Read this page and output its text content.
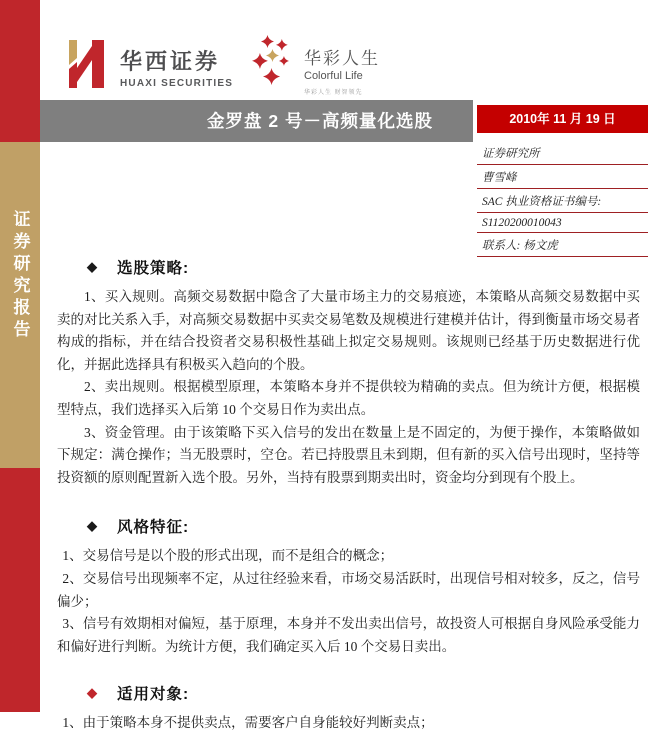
证券研究报告
华西证券
HUAXI SECURITIES
华彩人生
Colorful Life
华彩人生 财智领先
金罗盘 2 号－高频量化选股	2010年 11 月 19 日
证券研究所
曹雪峰
SAC 执业资格证书编号:
S1120200010043
联系人: 杨文虎
◆ 选股策略:

1、买入规则。高频交易数据中隐含了大量市场主力的交易痕迹，本策略从高频交易数据中买卖的对比关系入手，对高频交易数据中买卖交易笔数及规模进行建模并估计，得到衡量市场交易者构成的指标，并在结合投资者交易积极性基础上拟定交易规则。该规则已经基于历史数据进行优化，并据此选择具有积极买入趋向的个股。

2、卖出规则。根据模型原理，本策略本身并不提供较为精确的卖点。但为统计方便，根据模型特点，我们选择买入后第 10 个交易日作为卖出点。

3、资金管理。由于该策略下买入信号的发出在数量上是不固定的，为便于操作，本策略做如下规定：满仓操作；当无股票时，空仓。若已持股票且未到期，但有新的买入信号出现时，坚持等投资额的原则配置新入选个股。另外，当持有股票到期卖出时，资金均分到现有个股上。

◆ 风格特征:

1、交易信号是以个股的形式出现，而不是组合的概念；

2、交易信号出现频率不定，从过往经验来看，市场交易活跃时，出现信号相对较多，反之，信号偏少；

3、信号有效期相对偏短，基于原理，本身并不发出卖出信号，故投资人可根据自身风险承受能力和偏好进行判断。为统计方便，我们确定买入后 10 个交易日卖出。

◆ 适用对象:

1、由于策略本身不提供卖点，需要客户自身能较好判断卖点；
